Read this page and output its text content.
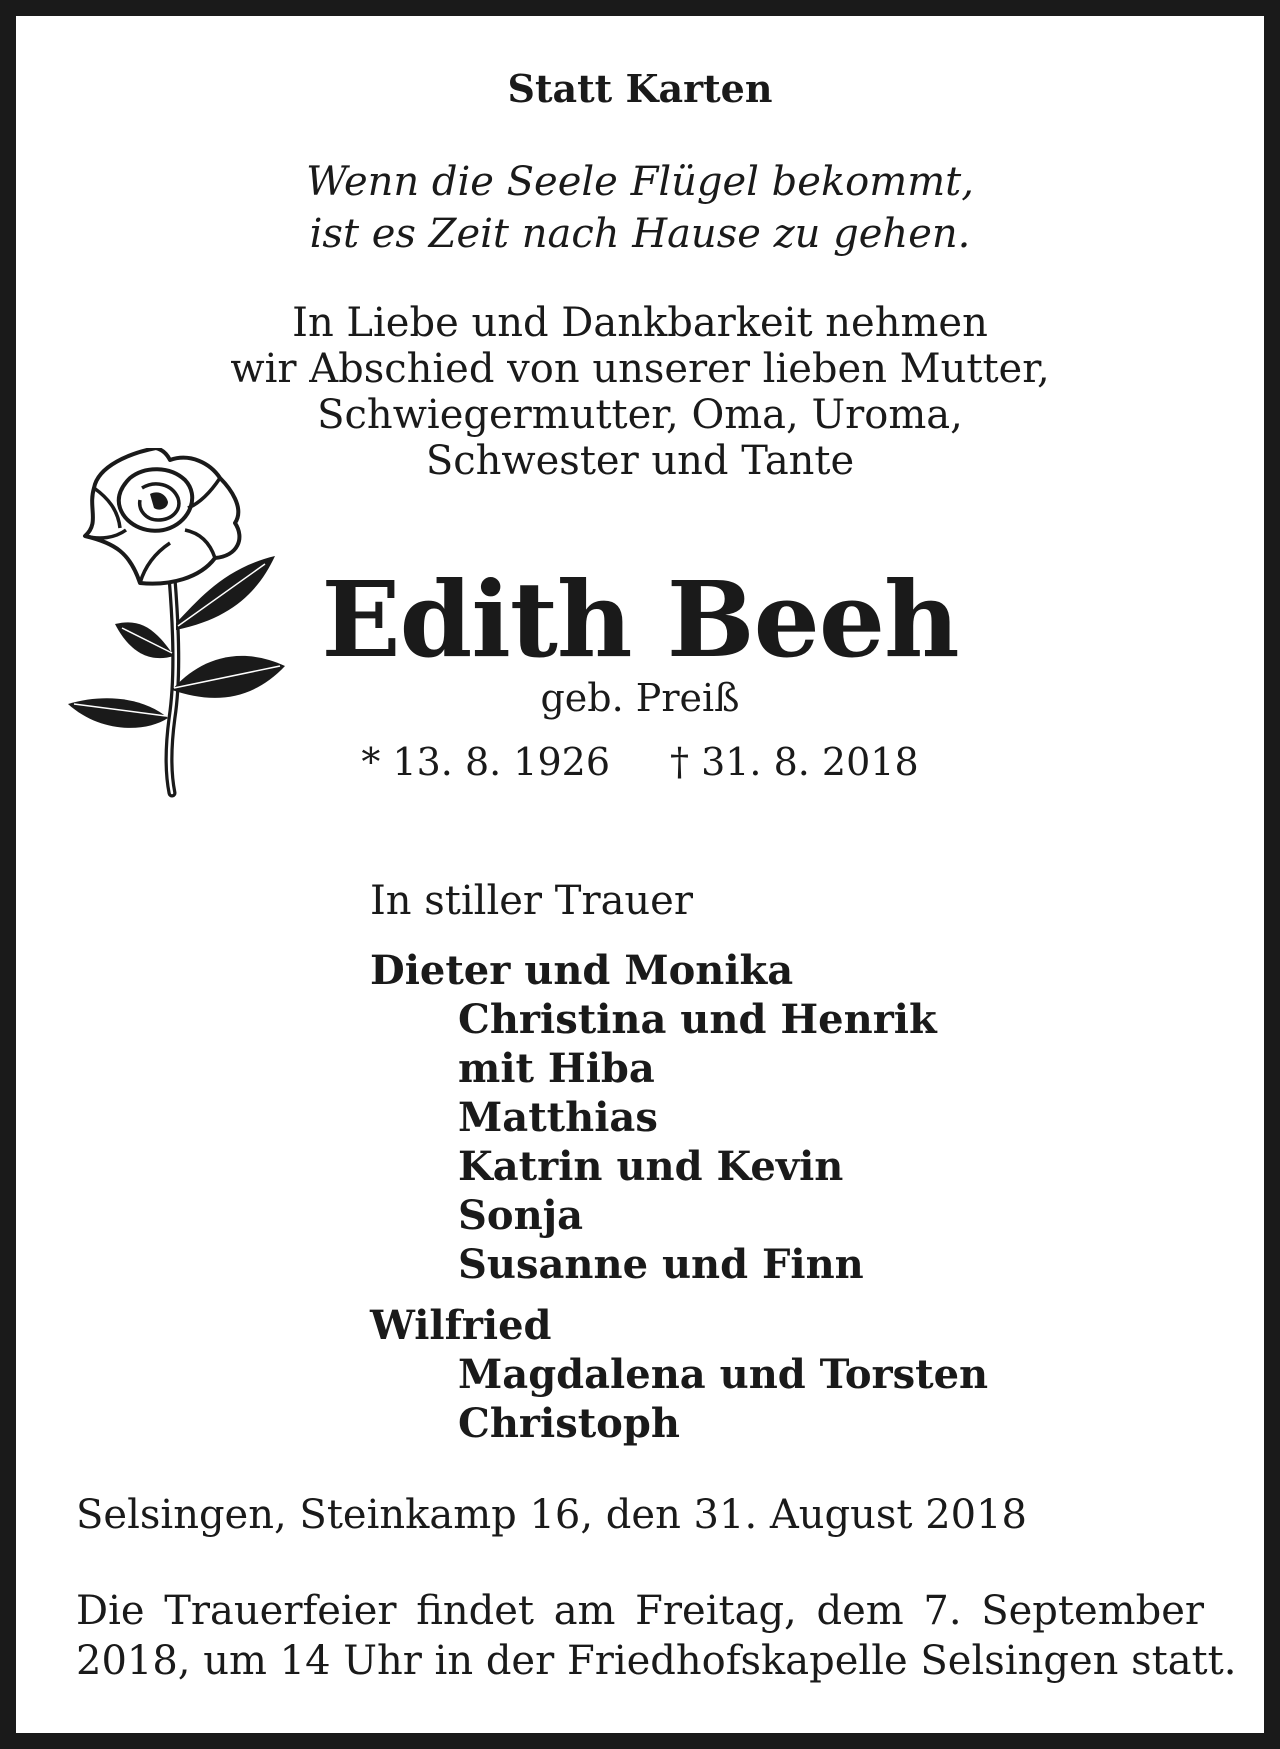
Statt Karten
Wenn die Seele Flügel bekommt,
ist es Zeit nach Hause zu gehen.
In Liebe und Dankbarkeit nehmen
wir Abschied von unserer lieben Mutter,
Schwiegermutter, Oma, Uroma,
Schwester und Tante
Edith Beeh
geb. Preiß
* 13. 8. 1926 † 31. 8. 2018
In stiller Trauer
Dieter und Monika
Christina und Henrik
mit Hiba
Matthias
Katrin und Kevin
Sonja
Susanne und Finn
Wilfried
Magdalena und Torsten
Christoph
Selsingen, Steinkamp 16, den 31. August 2018
Die Trauerfeier findet am Freitag, dem 7. September
2018, um 14 Uhr in der Friedhofskapelle Selsingen statt.
